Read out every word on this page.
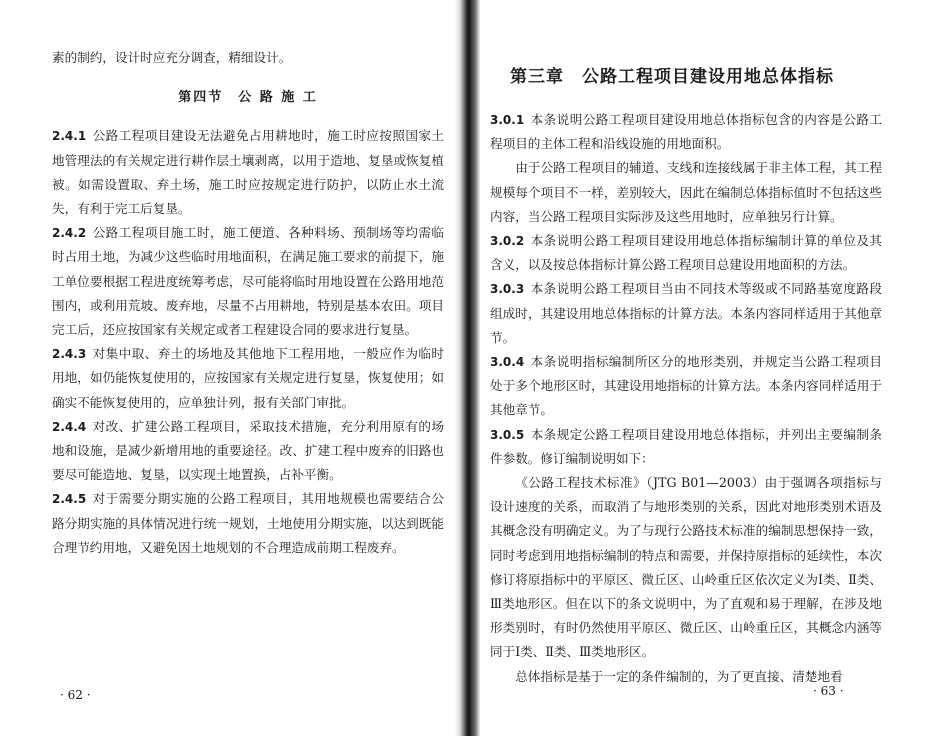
素的制约，设计时应充分调查，精细设计。

第四节　公 路 施 工

2.4.1 公路工程项目建设无法避免占用耕地时，施工时应按照国家土地管理法的有关规定进行耕作层土壤剥离，以用于造地、复垦或恢复植被。如需设置取、弃土场，施工时应按规定进行防护，以防止水土流失，有利于完工后复垦。

2.4.2 公路工程项目施工时，施工便道、各种料场、预制场等均需临时占用土地，为减少这些临时用地面积，在满足施工要求的前提下，施工单位要根据工程进度统筹考虑，尽可能将临时用地设置在公路用地范围内，或利用荒坡、废弃地，尽量不占用耕地，特别是基本农田。项目完工后，还应按国家有关规定或者工程建设合同的要求进行复垦。

2.4.3 对集中取、弃土的场地及其他地下工程用地，一般应作为临时用地，如仍能恢复使用的，应按国家有关规定进行复垦，恢复使用；如确实不能恢复使用的，应单独计列，报有关部门审批。

2.4.4 对改、扩建公路工程项目，采取技术措施，充分利用原有的场地和设施，是减少新增用地的重要途径。改、扩建工程中废弃的旧路也要尽可能造地、复垦，以实现土地置换，占补平衡。

2.4.5 对于需要分期实施的公路工程项目，其用地规模也需要结合公路分期实施的具体情况进行统一规划，土地使用分期实施，以达到既能合理节约用地，又避免因土地规划的不合理造成前期工程废弃。

· 62 ·
第三章　公路工程项目建设用地总体指标

3.0.1 本条说明公路工程项目建设用地总体指标包含的内容是公路工程项目的主体工程和沿线设施的用地面积。

由于公路工程项目的辅道、支线和连接线属于非主体工程，其工程规模每个项目不一样，差别较大，因此在编制总体指标值时不包括这些内容，当公路工程项目实际涉及这些用地时，应单独另行计算。

3.0.2 本条说明公路工程项目建设用地总体指标编制计算的单位及其含义，以及按总体指标计算公路工程项目总建设用地面积的方法。

3.0.3 本条说明公路工程项目当由不同技术等级或不同路基宽度路段组成时，其建设用地总体指标的计算方法。本条内容同样适用于其他章节。

3.0.4 本条说明指标编制所区分的地形类别，并规定当公路工程项目处于多个地形区时，其建设用地指标的计算方法。本条内容同样适用于其他章节。

3.0.5 本条规定公路工程项目建设用地总体指标，并列出主要编制条件参数。修订编制说明如下：

《公路工程技术标准》（JTG B01—2003）由于强调各项指标与设计速度的关系，而取消了与地形类别的关系，因此对地形类别术语及其概念没有明确定义。为了与现行公路技术标准的编制思想保持一致，同时考虑到用地指标编制的特点和需要，并保持原指标的延续性，本次修订将原指标中的平原区、微丘区、山岭重丘区依次定义为Ⅰ类、Ⅱ类、Ⅲ类地形区。但在以下的条文说明中，为了直观和易于理解，在涉及地形类别时，有时仍然使用平原区、微丘区、山岭重丘区，其概念内涵等同于Ⅰ类、Ⅱ类、Ⅲ类地形区。

总体指标是基于一定的条件编制的，为了更直接、清楚地看

· 63 ·
